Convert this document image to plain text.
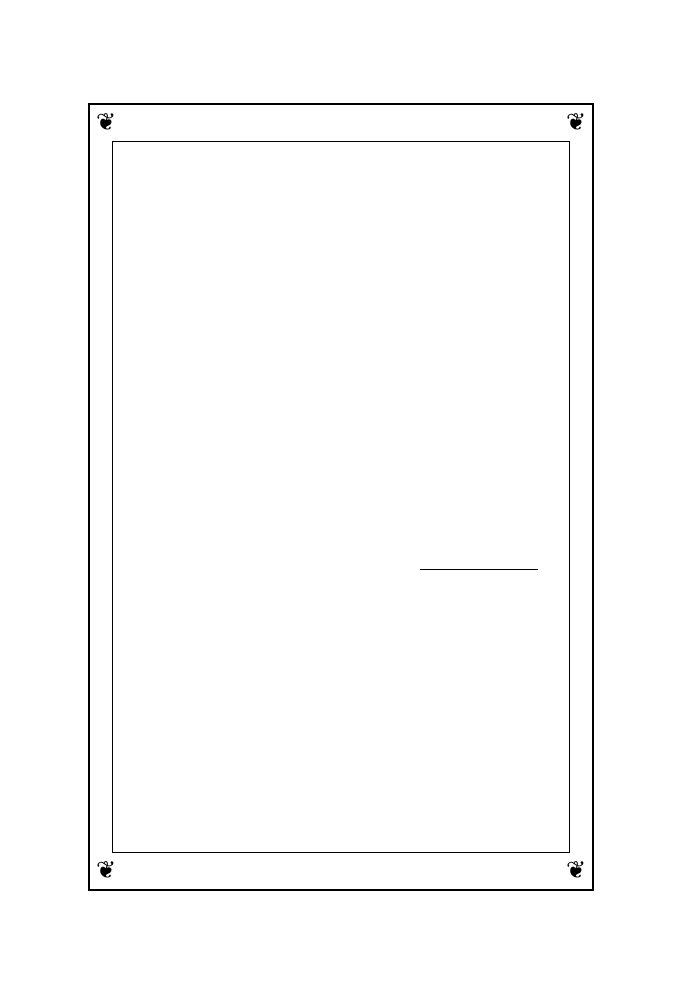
❦	❦
❦	❦
